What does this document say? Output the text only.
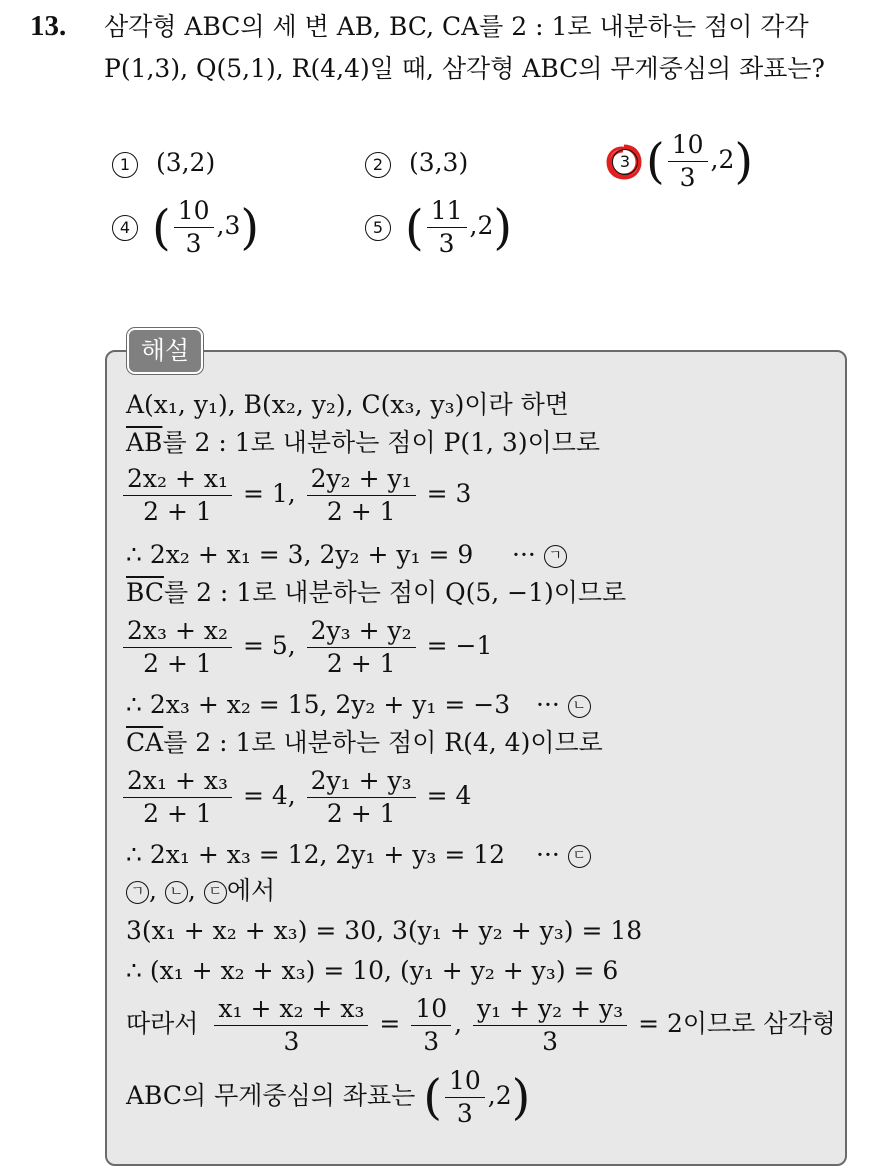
13. 삼각형 ABC의 세 변 AB, BC, CA를 2 : 1로 내분하는 점이 각각
P(1,3), Q(5,1), R(4,4)일 때, 삼각형 ABC의 무게중심의 좌표는?
1 (3,2)	2 (3,3)	3 ( $\frac{10}{3} ,2$)
4 ( $\frac{10}{3} ,3$)	5 ( $\frac{11}{3} ,2$)
해설
A(x₁, y₁), B(x₂, y₂), C(x₃, y₃)이라 하면
$\overline{AB}$를 2 : 1로 내분하는 점이 P(1, 3)이므로
$\frac{\text{2x₂ + x₁}}{2 + 1} = 1$, $\frac{\text{2y₂ + y₁}}{2 + 1} = 3$
∴ 2x₂ + x₁ = 3, 2y₂ + y₁ = 9 ··· ㄱ
$\overline{BC}$를 2 : 1로 내분하는 점이 Q(5, −1)이므로
$\frac{\text{2x₃ + x₂}}{2 + 1} = 5$, $\frac{\text{2y₃ + y₂}}{2 + 1} = -1$
∴ 2x₃ + x₂ = 15, 2y₂ + y₁ = −3 ··· ㄴ
$\overline{CA}$를 2 : 1로 내분하는 점이 R(4, 4)이므로
$\frac{\text{2x₁ + x₃}}{2 + 1} = 4$, $\frac{\text{2y₁ + y₃}}{2 + 1} = 4$
∴ 2x₁ + x₃ = 12, 2y₁ + y₃ = 12 ··· ㄷ
ㄱ , ㄴ , ㄷ 에서
3(x₁ + x₂ + x₃) = 30, 3(y₁ + y₂ + y₃) = 18
∴ (x₁ + x₂ + x₃) = 10, (y₁ + y₂ + y₃) = 6
따라서 $\frac{\text{x₁ + x₂ + x₃}}{3} = \frac{10}{3}$ , $\frac{\text{y₁ + y₂ + y₃}}{3} = 2$이므로 삼각형
ABC의 무게중심의 좌표는 ( $\frac{10}{3} ,2$)
